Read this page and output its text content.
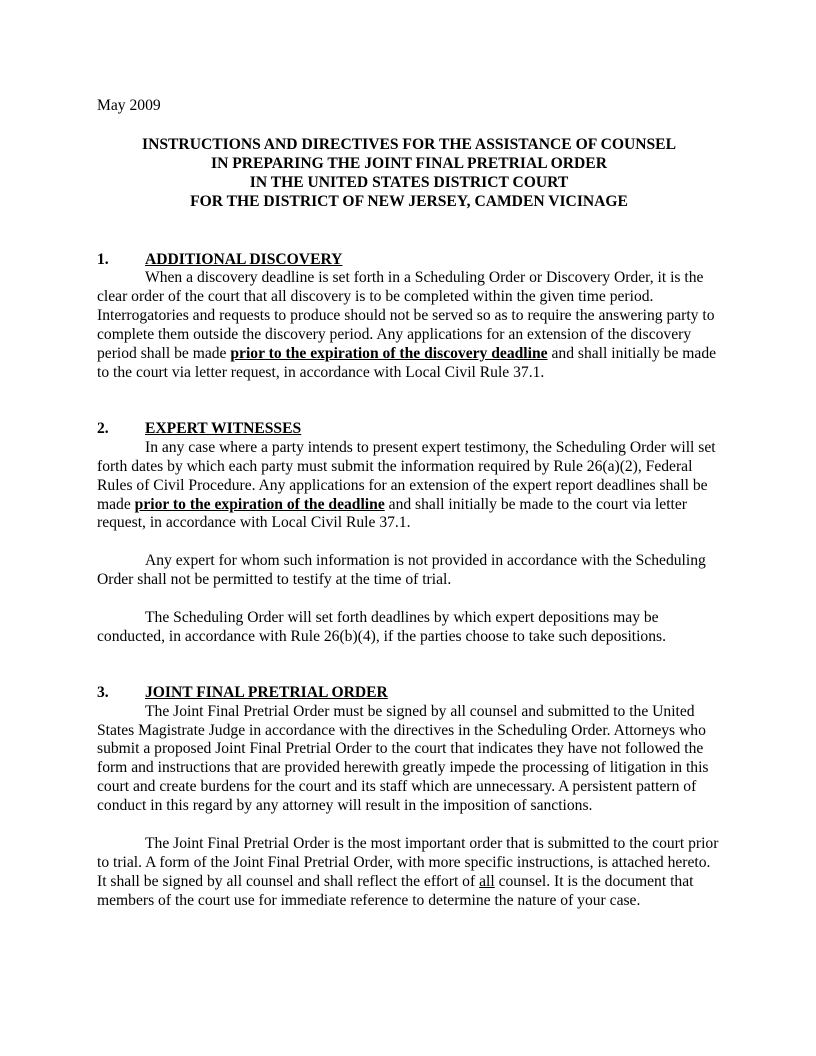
May 2009
INSTRUCTIONS AND DIRECTIVES FOR THE ASSISTANCE OF COUNSEL
IN PREPARING THE JOINT FINAL PRETRIAL ORDER
IN THE UNITED STATES DISTRICT COURT
FOR THE DISTRICT OF NEW JERSEY, CAMDEN VICINAGE
1.	ADDITIONAL DISCOVERY

When a discovery deadline is set forth in a Scheduling Order or Discovery Order, it is the clear order of the court that all discovery is to be completed within the given time period. Interrogatories and requests to produce should not be served so as to require the answering party to complete them outside the discovery period. Any applications for an extension of the discovery period shall be made prior to the expiration of the discovery deadline and shall initially be made to the court via letter request, in accordance with Local Civil Rule 37.1.

2.	EXPERT WITNESSES

In any case where a party intends to present expert testimony, the Scheduling Order will set forth dates by which each party must submit the information required by Rule 26(a)(2), Federal Rules of Civil Procedure. Any applications for an extension of the expert report deadlines shall be made prior to the expiration of the deadline and shall initially be made to the court via letter request, in accordance with Local Civil Rule 37.1.

Any expert for whom such information is not provided in accordance with the Scheduling Order shall not be permitted to testify at the time of trial.

The Scheduling Order will set forth deadlines by which expert depositions may be conducted, in accordance with Rule 26(b)(4), if the parties choose to take such depositions.

3.	JOINT FINAL PRETRIAL ORDER

The Joint Final Pretrial Order must be signed by all counsel and submitted to the United States Magistrate Judge in accordance with the directives in the Scheduling Order. Attorneys who submit a proposed Joint Final Pretrial Order to the court that indicates they have not followed the form and instructions that are provided herewith greatly impede the processing of litigation in this court and create burdens for the court and its staff which are unnecessary. A persistent pattern of conduct in this regard by any attorney will result in the imposition of sanctions.

The Joint Final Pretrial Order is the most important order that is submitted to the court prior to trial. A form of the Joint Final Pretrial Order, with more specific instructions, is attached hereto. It shall be signed by all counsel and shall reflect the effort of all counsel. It is the document that members of the court use for immediate reference to determine the nature of your case.
